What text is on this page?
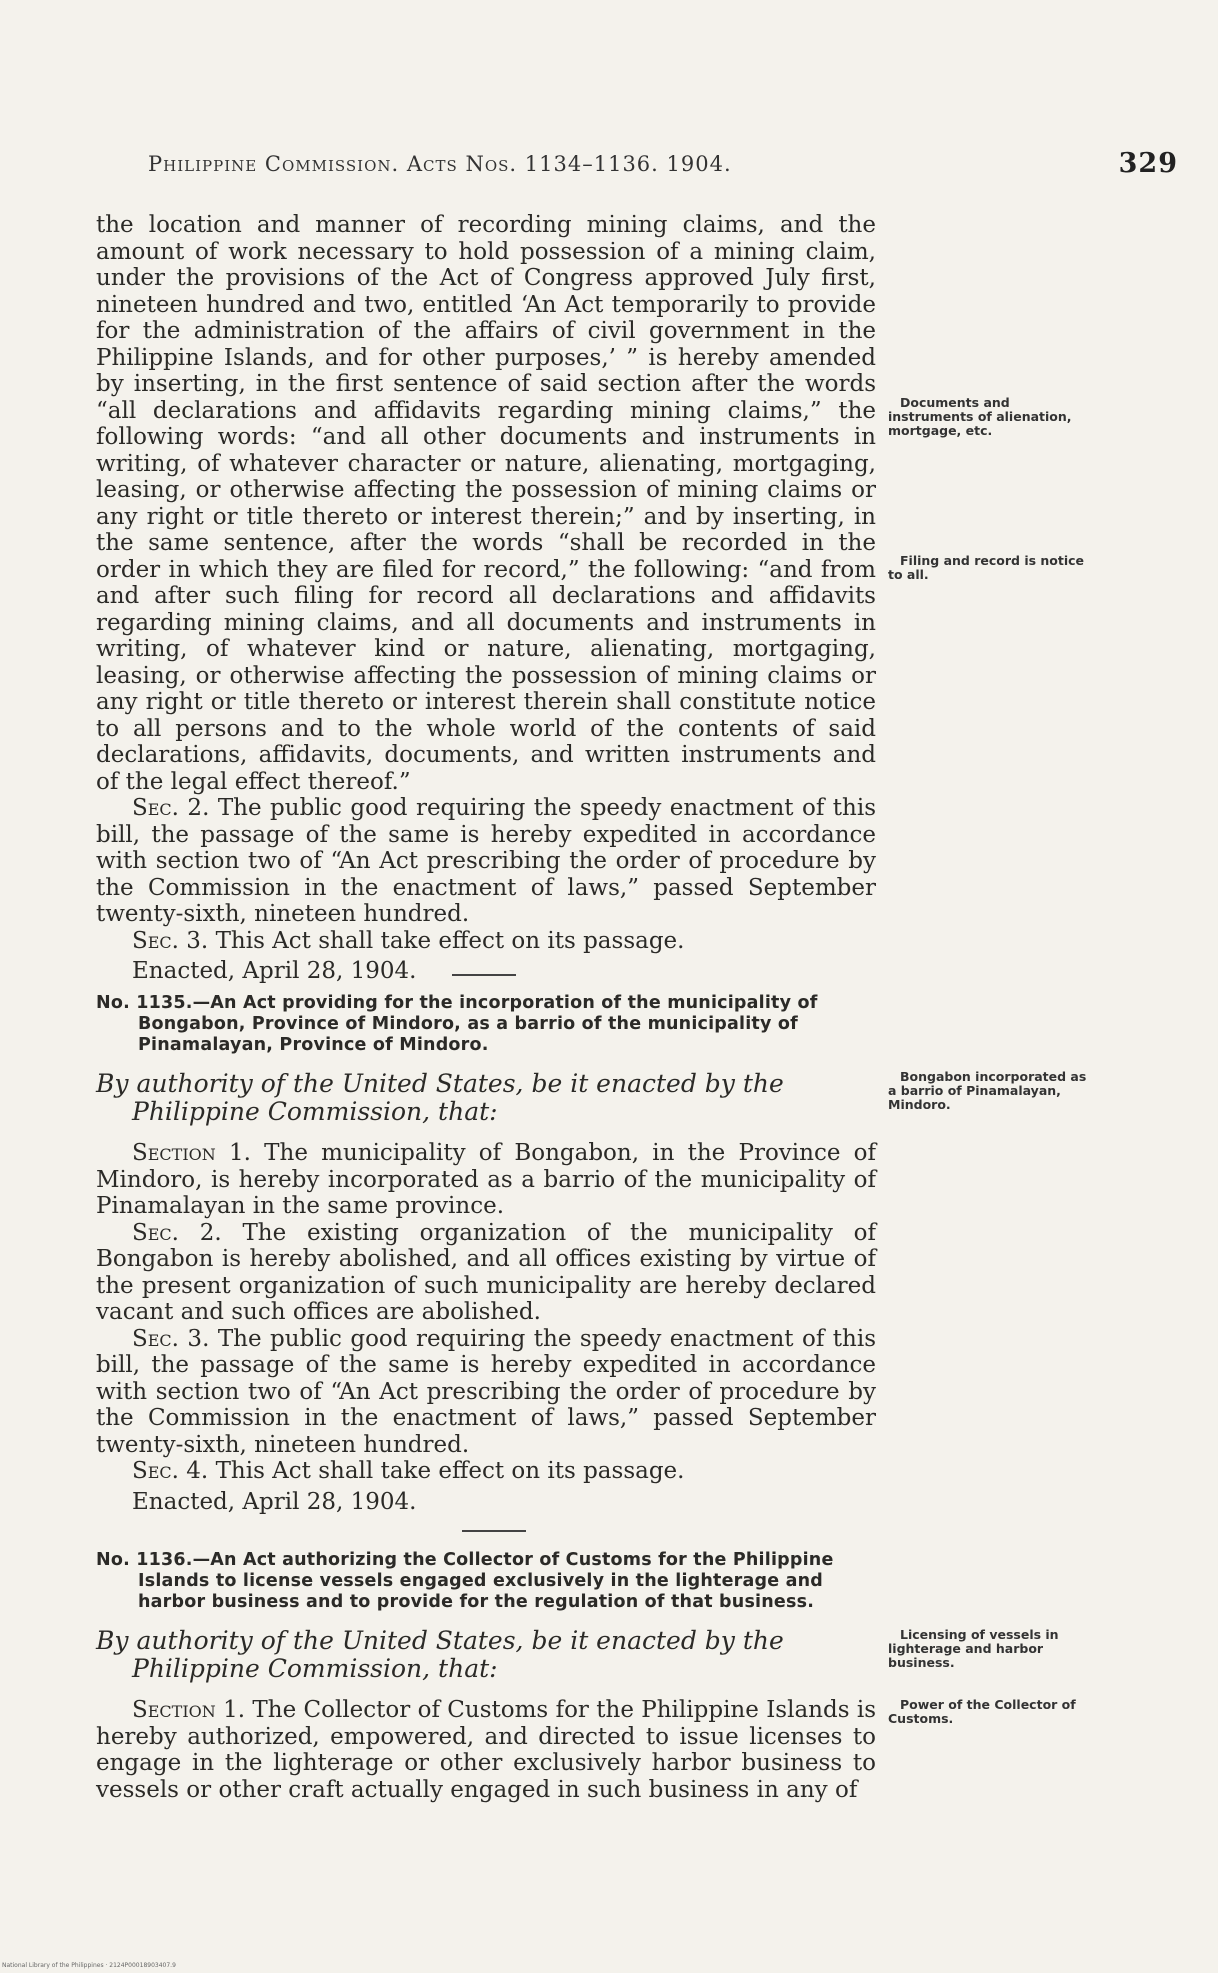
Philippine Commission. Acts Nos. 1134–1136. 1904.	329

the location and manner of recording mining claims, and the amount of work necessary to hold possession of a mining claim, under the provisions of the Act of Congress approved July first, nineteen hundred and two, entitled ‘An Act temporarily to provide for the administration of the affairs of civil government in the Philippine Islands, and for other purposes,’ ” is hereby amended by inserting, in the first sentence of said section after the words “all declarations and affidavits regarding mining claims,” the following words: “and all other documents and instruments in writing, of whatever character or nature, alienating, mortgaging, leasing, or otherwise affecting the possession of mining claims or any right or title thereto or interest therein;” and by inserting, in the same sentence, after the words “shall be recorded in the order in which they are filed for record,” the following: “and from and after such filing for record all declarations and affidavits regarding mining claims, and all documents and instruments in writing, of whatever kind or nature, alienating, mortgaging, leasing, or otherwise affecting the possession of mining claims or any right or title thereto or interest therein shall constitute notice to all persons and to the whole world of the contents of said declarations, affidavits, documents, and written instruments and of the legal effect thereof.”

Sec. 2. The public good requiring the speedy enactment of this bill, the passage of the same is hereby expedited in accordance with section two of “An Act prescribing the order of procedure by the Commission in the enactment of laws,” passed September twenty-sixth, nineteen hundred.

Sec. 3. This Act shall take effect on its passage.

Enacted, April 28, 1904.

No. 1135.—An Act providing for the incorporation of the municipality of Bongabon, Province of Mindoro, as a barrio of the municipality of Pinamalayan, Province of Mindoro.

By authority of the United States, be it enacted by the Philippine Commission, that:

Section 1. The municipality of Bongabon, in the Province of Mindoro, is hereby incorporated as a barrio of the municipality of Pinamalayan in the same province.

Sec. 2. The existing organization of the municipality of Bongabon is hereby abolished, and all offices existing by virtue of the present organization of such municipality are hereby declared vacant and such offices are abolished.

Sec. 3. The public good requiring the speedy enactment of this bill, the passage of the same is hereby expedited in accordance with section two of “An Act prescribing the order of procedure by the Commission in the enactment of laws,” passed September twenty-sixth, nineteen hundred.

Sec. 4. This Act shall take effect on its passage.

Enacted, April 28, 1904.

No. 1136.—An Act authorizing the Collector of Customs for the Philippine Islands to license vessels engaged exclusively in the lighterage and harbor business and to provide for the regulation of that business.

By authority of the United States, be it enacted by the Philippine Commission, that:

Section 1. The Collector of Customs for the Philippine Islands is hereby authorized, empowered, and directed to issue licenses to engage in the lighterage or other exclusively harbor business to vessels or other craft actually engaged in such business in any of

Documents and instruments of alienation, mortgage, etc.
Filing and record is notice to all.
Bongabon incorporated as a barrio of Pinamalayan, Mindoro.
Licensing of vessels in lighterage and harbor business.
Power of the Collector of Customs.
National Library of the Philippines · 2124P00018903407.9
